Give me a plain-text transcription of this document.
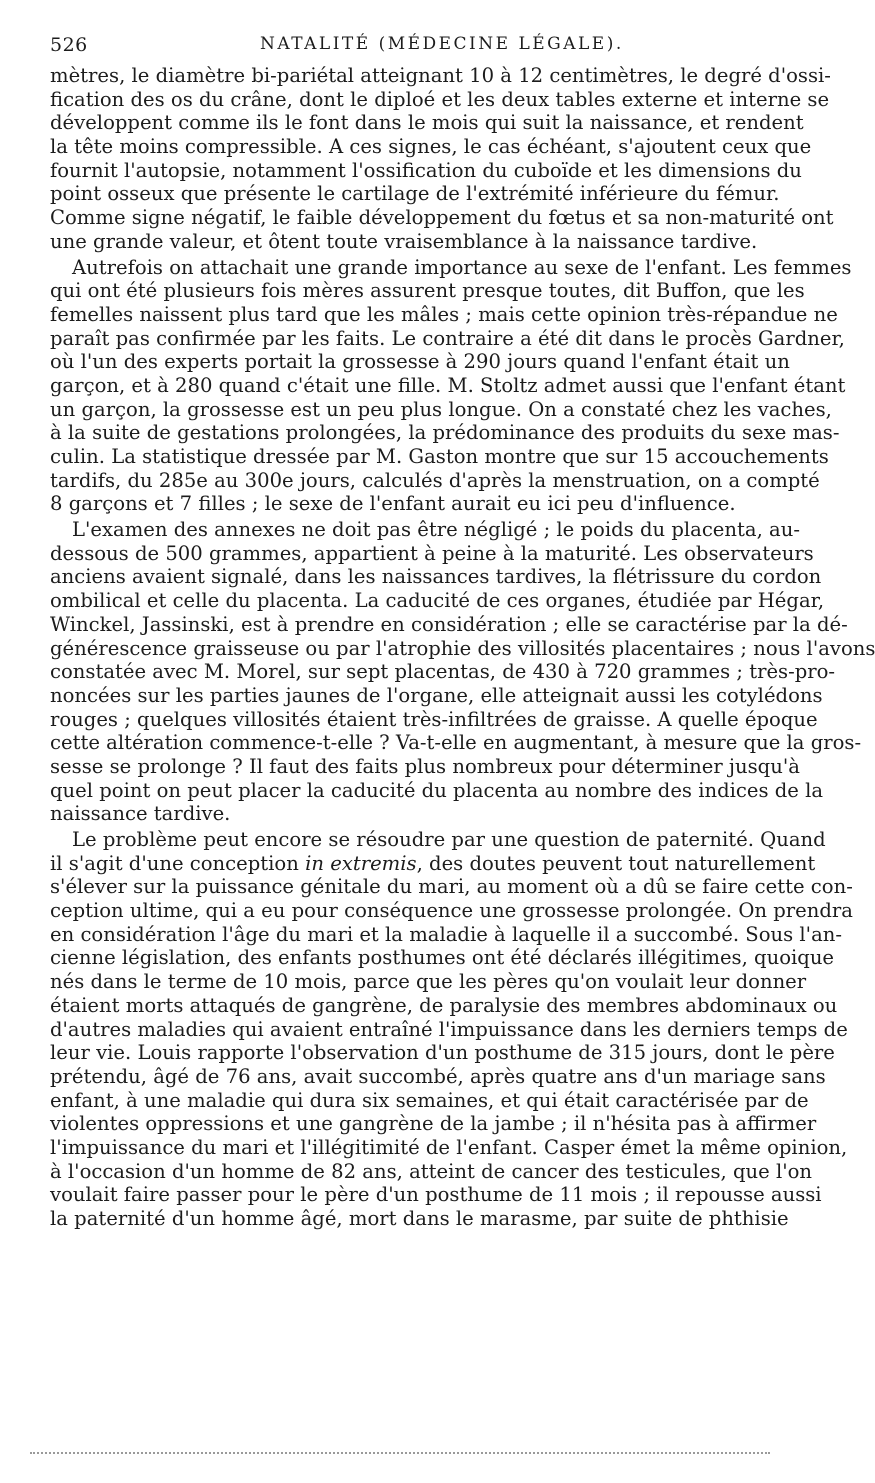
526	NATALITÉ (MÉDECINE LÉGALE).
mètres, le diamètre bi-pariétal atteignant 10 à 12 centimètres, le degré d'ossi-
fication des os du crâne, dont le diploé et les deux tables externe et interne se
développent comme ils le font dans le mois qui suit la naissance, et rendent
la tête moins compressible. A ces signes, le cas échéant, s'ajoutent ceux que
fournit l'autopsie, notamment l'ossification du cuboïde et les dimensions du
point osseux que présente le cartilage de l'extrémité inférieure du fémur.
Comme signe négatif, le faible développement du fœtus et sa non-maturité ont
une grande valeur, et ôtent toute vraisemblance à la naissance tardive.
Autrefois on attachait une grande importance au sexe de l'enfant. Les femmes
qui ont été plusieurs fois mères assurent presque toutes, dit Buffon, que les
femelles naissent plus tard que les mâles ; mais cette opinion très-répandue ne
paraît pas confirmée par les faits. Le contraire a été dit dans le procès Gardner,
où l'un des experts portait la grossesse à 290 jours quand l'enfant était un
garçon, et à 280 quand c'était une fille. M. Stoltz admet aussi que l'enfant étant
un garçon, la grossesse est un peu plus longue. On a constaté chez les vaches,
à la suite de gestations prolongées, la prédominance des produits du sexe mas-
culin. La statistique dressée par M. Gaston montre que sur 15 accouchements
tardifs, du 285e au 300e jours, calculés d'après la menstruation, on a compté
8 garçons et 7 filles ; le sexe de l'enfant aurait eu ici peu d'influence.
L'examen des annexes ne doit pas être négligé ; le poids du placenta, au-
dessous de 500 grammes, appartient à peine à la maturité. Les observateurs
anciens avaient signalé, dans les naissances tardives, la flétrissure du cordon
ombilical et celle du placenta. La caducité de ces organes, étudiée par Hégar,
Winckel, Jassinski, est à prendre en considération ; elle se caractérise par la dé-
générescence graisseuse ou par l'atrophie des villosités placentaires ; nous l'avons
constatée avec M. Morel, sur sept placentas, de 430 à 720 grammes ; très-pro-
noncées sur les parties jaunes de l'organe, elle atteignait aussi les cotylédons
rouges ; quelques villosités étaient très-infiltrées de graisse. A quelle époque
cette altération commence-t-elle ? Va-t-elle en augmentant, à mesure que la gros-
sesse se prolonge ? Il faut des faits plus nombreux pour déterminer jusqu'à
quel point on peut placer la caducité du placenta au nombre des indices de la
naissance tardive.
Le problème peut encore se résoudre par une question de paternité. Quand
il s'agit d'une conception in extremis, des doutes peuvent tout naturellement
s'élever sur la puissance génitale du mari, au moment où a dû se faire cette con-
ception ultime, qui a eu pour conséquence une grossesse prolongée. On prendra
en considération l'âge du mari et la maladie à laquelle il a succombé. Sous l'an-
cienne législation, des enfants posthumes ont été déclarés illégitimes, quoique
nés dans le terme de 10 mois, parce que les pères qu'on voulait leur donner
étaient morts attaqués de gangrène, de paralysie des membres abdominaux ou
d'autres maladies qui avaient entraîné l'impuissance dans les derniers temps de
leur vie. Louis rapporte l'observation d'un posthume de 315 jours, dont le père
prétendu, âgé de 76 ans, avait succombé, après quatre ans d'un mariage sans
enfant, à une maladie qui dura six semaines, et qui était caractérisée par de
violentes oppressions et une gangrène de la jambe ; il n'hésita pas à affirmer
l'impuissance du mari et l'illégitimité de l'enfant. Casper émet la même opinion,
à l'occasion d'un homme de 82 ans, atteint de cancer des testicules, que l'on
voulait faire passer pour le père d'un posthume de 11 mois ; il repousse aussi
la paternité d'un homme âgé, mort dans le marasme, par suite de phthisie
